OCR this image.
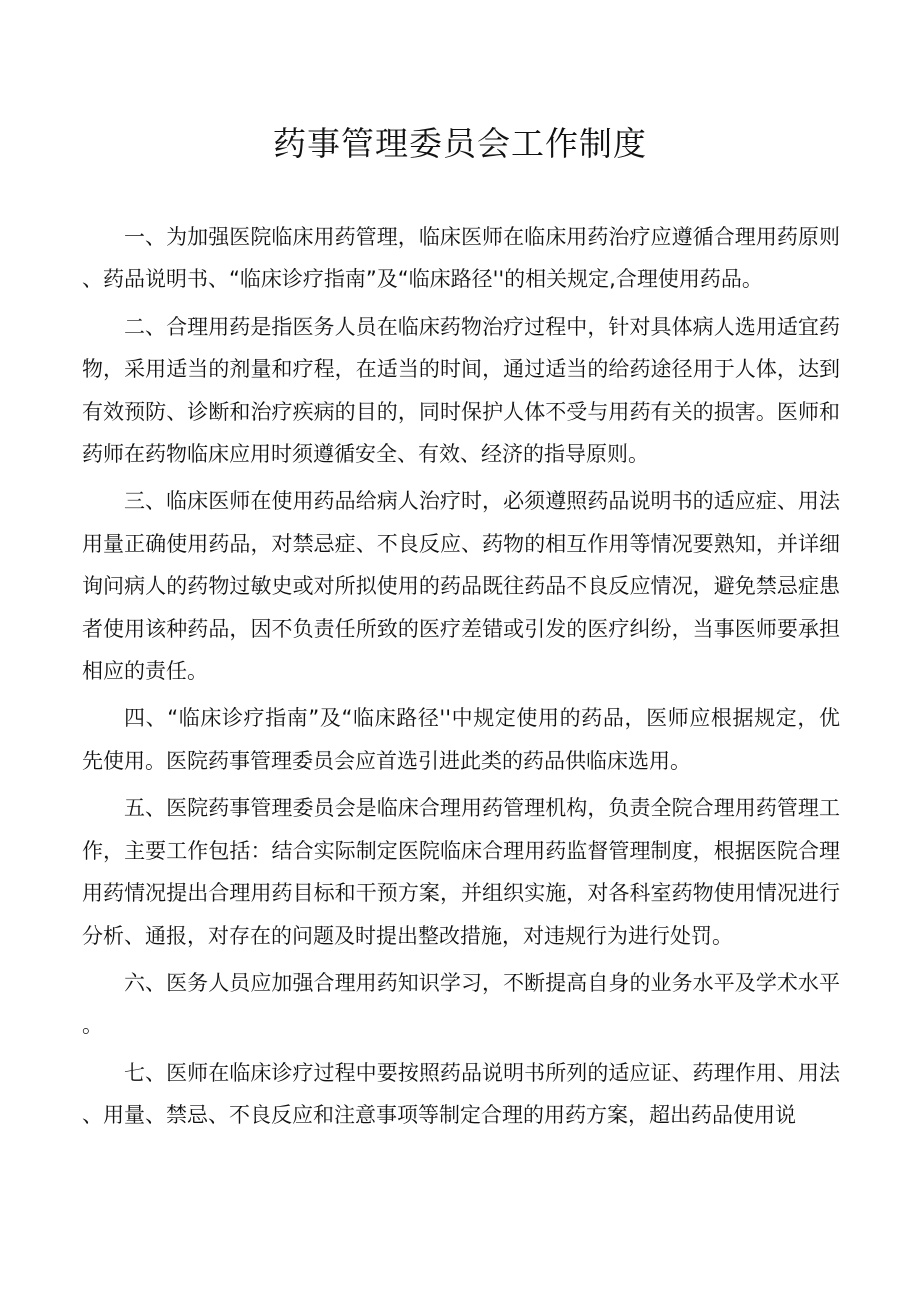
药事管理委员会工作制度

一、为加强医院临床用药管理，临床医师在临床用药治疗应遵循合理用药原则、药品说明书、“临床诊疗指南”及“临床路径''的相关规定,合理使用药品。

二、合理用药是指医务人员在临床药物治疗过程中，针对具体病人选用适宜药物，采用适当的剂量和疗程，在适当的时间，通过适当的给药途径用于人体，达到有效预防、诊断和治疗疾病的目的，同时保护人体不受与用药有关的损害。医师和药师在药物临床应用时须遵循安全、有效、经济的指导原则。

三、临床医师在使用药品给病人治疗时，必须遵照药品说明书的适应症、用法用量正确使用药品，对禁忌症、不良反应、药物的相互作用等情况要熟知，并详细询问病人的药物过敏史或对所拟使用的药品既往药品不良反应情况，避免禁忌症患者使用该种药品，因不负责任所致的医疗差错或引发的医疗纠纷，当事医师要承担相应的责任。

四、“临床诊疗指南”及“临床路径''中规定使用的药品，医师应根据规定，优先使用。医院药事管理委员会应首选引进此类的药品供临床选用。

五、医院药事管理委员会是临床合理用药管理机构，负责全院合理用药管理工作，主要工作包括：结合实际制定医院临床合理用药监督管理制度，根据医院合理用药情况提出合理用药目标和干预方案，并组织实施，对各科室药物使用情况进行分析、通报，对存在的问题及时提出整改措施，对违规行为进行处罚。

六、医务人员应加强合理用药知识学习，不断提高自身的业务水平及学术水平。

七、医师在临床诊疗过程中要按照药品说明书所列的适应证、药理作用、用法、用量、禁忌、不良反应和注意事项等制定合理的用药方案，超出药品使用说
